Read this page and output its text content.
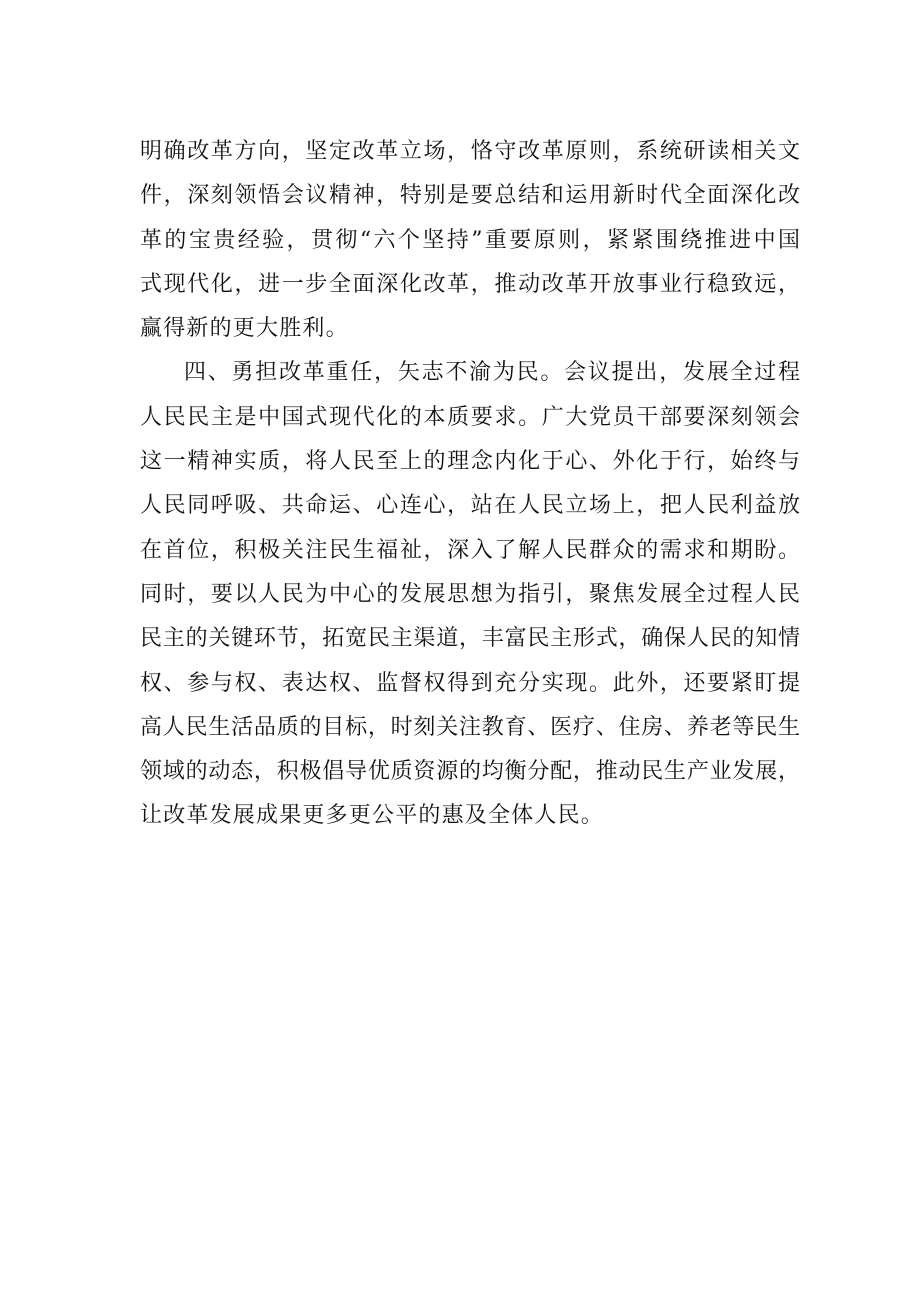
明确改革方向，坚定改革立场，恪守改革原则，系统研读相关文
件，深刻领悟会议精神，特别是要总结和运用新时代全面深化改
革的宝贵经验，贯彻“六个坚持”重要原则，紧紧围绕推进中国
式现代化，进一步全面深化改革，推动改革开放事业行稳致远，
赢得新的更大胜利。
四、勇担改革重任，矢志不渝为民。会议提出，发展全过程
人民民主是中国式现代化的本质要求。广大党员干部要深刻领会
这一精神实质，将人民至上的理念内化于心、外化于行，始终与
人民同呼吸、共命运、心连心，站在人民立场上，把人民利益放
在首位，积极关注民生福祉，深入了解人民群众的需求和期盼。
同时，要以人民为中心的发展思想为指引，聚焦发展全过程人民
民主的关键环节，拓宽民主渠道，丰富民主形式，确保人民的知情
权、参与权、表达权、监督权得到充分实现。此外，还要紧盯提
高人民生活品质的目标，时刻关注教育、医疗、住房、养老等民生
领域的动态，积极倡导优质资源的均衡分配，推动民生产业发展，
让改革发展成果更多更公平的惠及全体人民。
